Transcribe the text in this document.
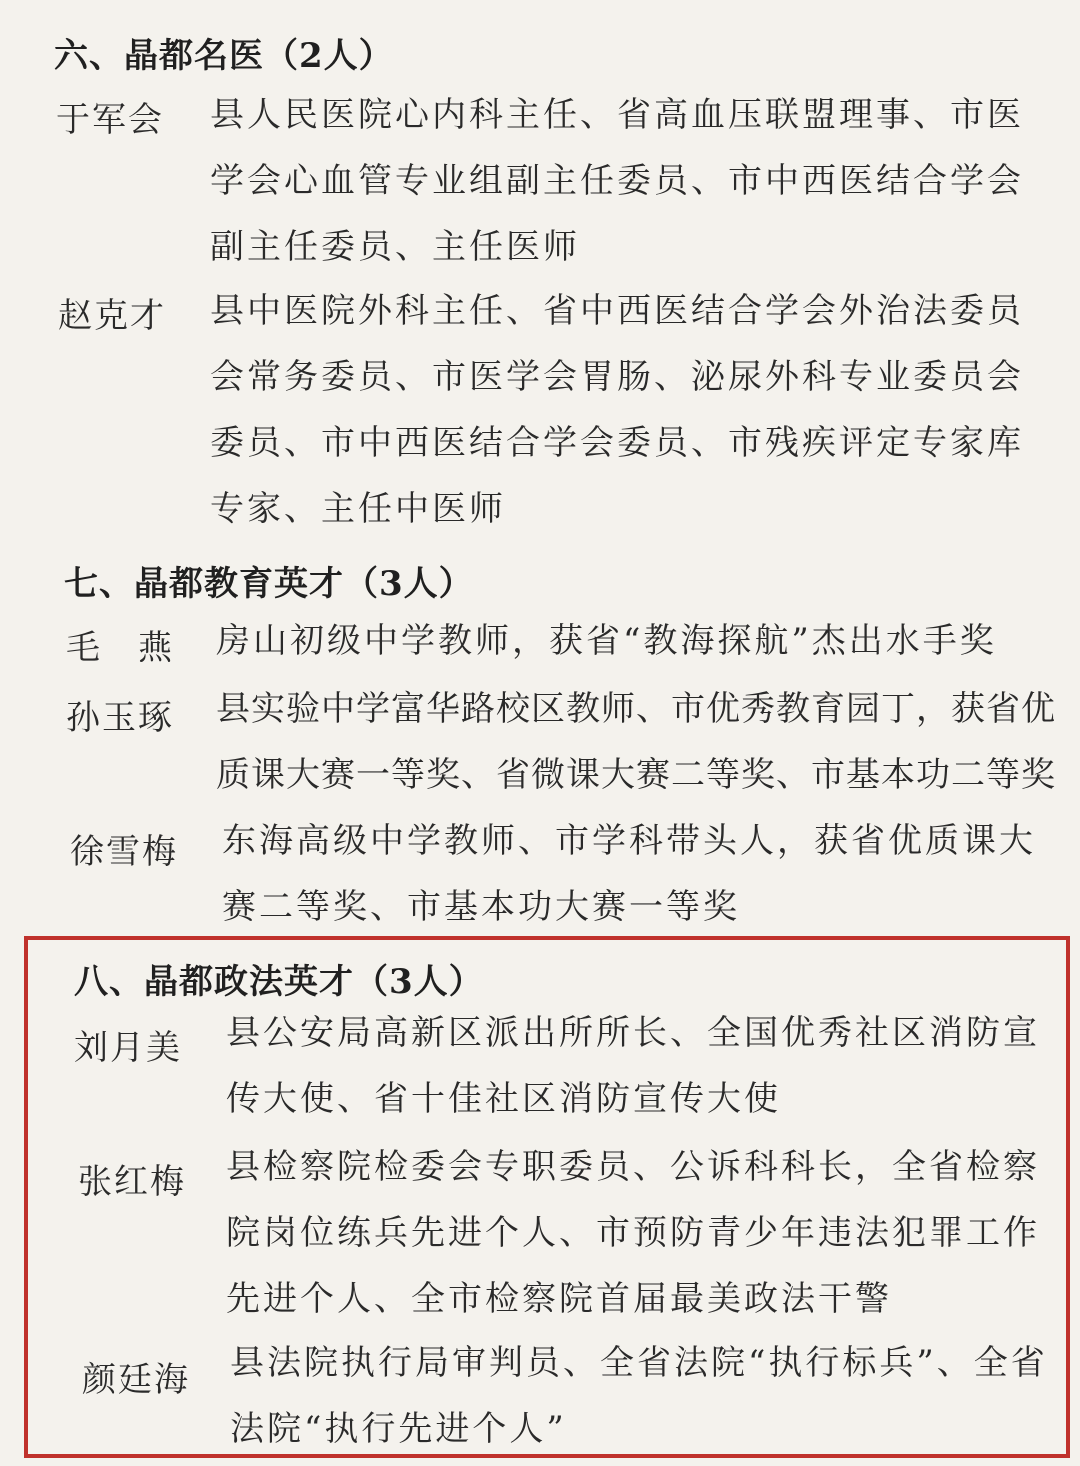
六、晶都名医（2人）
于军会 县人民医院心内科主任、省高血压联盟理事、市医
学会心血管专业组副主任委员、市中西医结合学会
副主任委员、主任医师
赵克才 县中医院外科主任、省中西医结合学会外治法委员
会常务委员、市医学会胃肠、泌尿外科专业委员会
委员、市中西医结合学会委员、市残疾评定专家库
专家、主任中医师
七、晶都教育英才（3人）
毛　燕 房山初级中学教师，获省“教海探航”杰出水手奖
孙玉琢 县实验中学富华路校区教师、市优秀教育园丁，获省优
质课大赛一等奖、省微课大赛二等奖、市基本功二等奖
徐雪梅 东海高级中学教师、市学科带头人，获省优质课大
赛二等奖、市基本功大赛一等奖
八、晶都政法英才（3人）
刘月美 县公安局高新区派出所所长、全国优秀社区消防宣
传大使、省十佳社区消防宣传大使
张红梅 县检察院检委会专职委员、公诉科科长，全省检察
院岗位练兵先进个人、市预防青少年违法犯罪工作
先进个人、全市检察院首届最美政法干警
颜廷海 县法院执行局审判员、全省法院“执行标兵”、全省
法院“执行先进个人”
